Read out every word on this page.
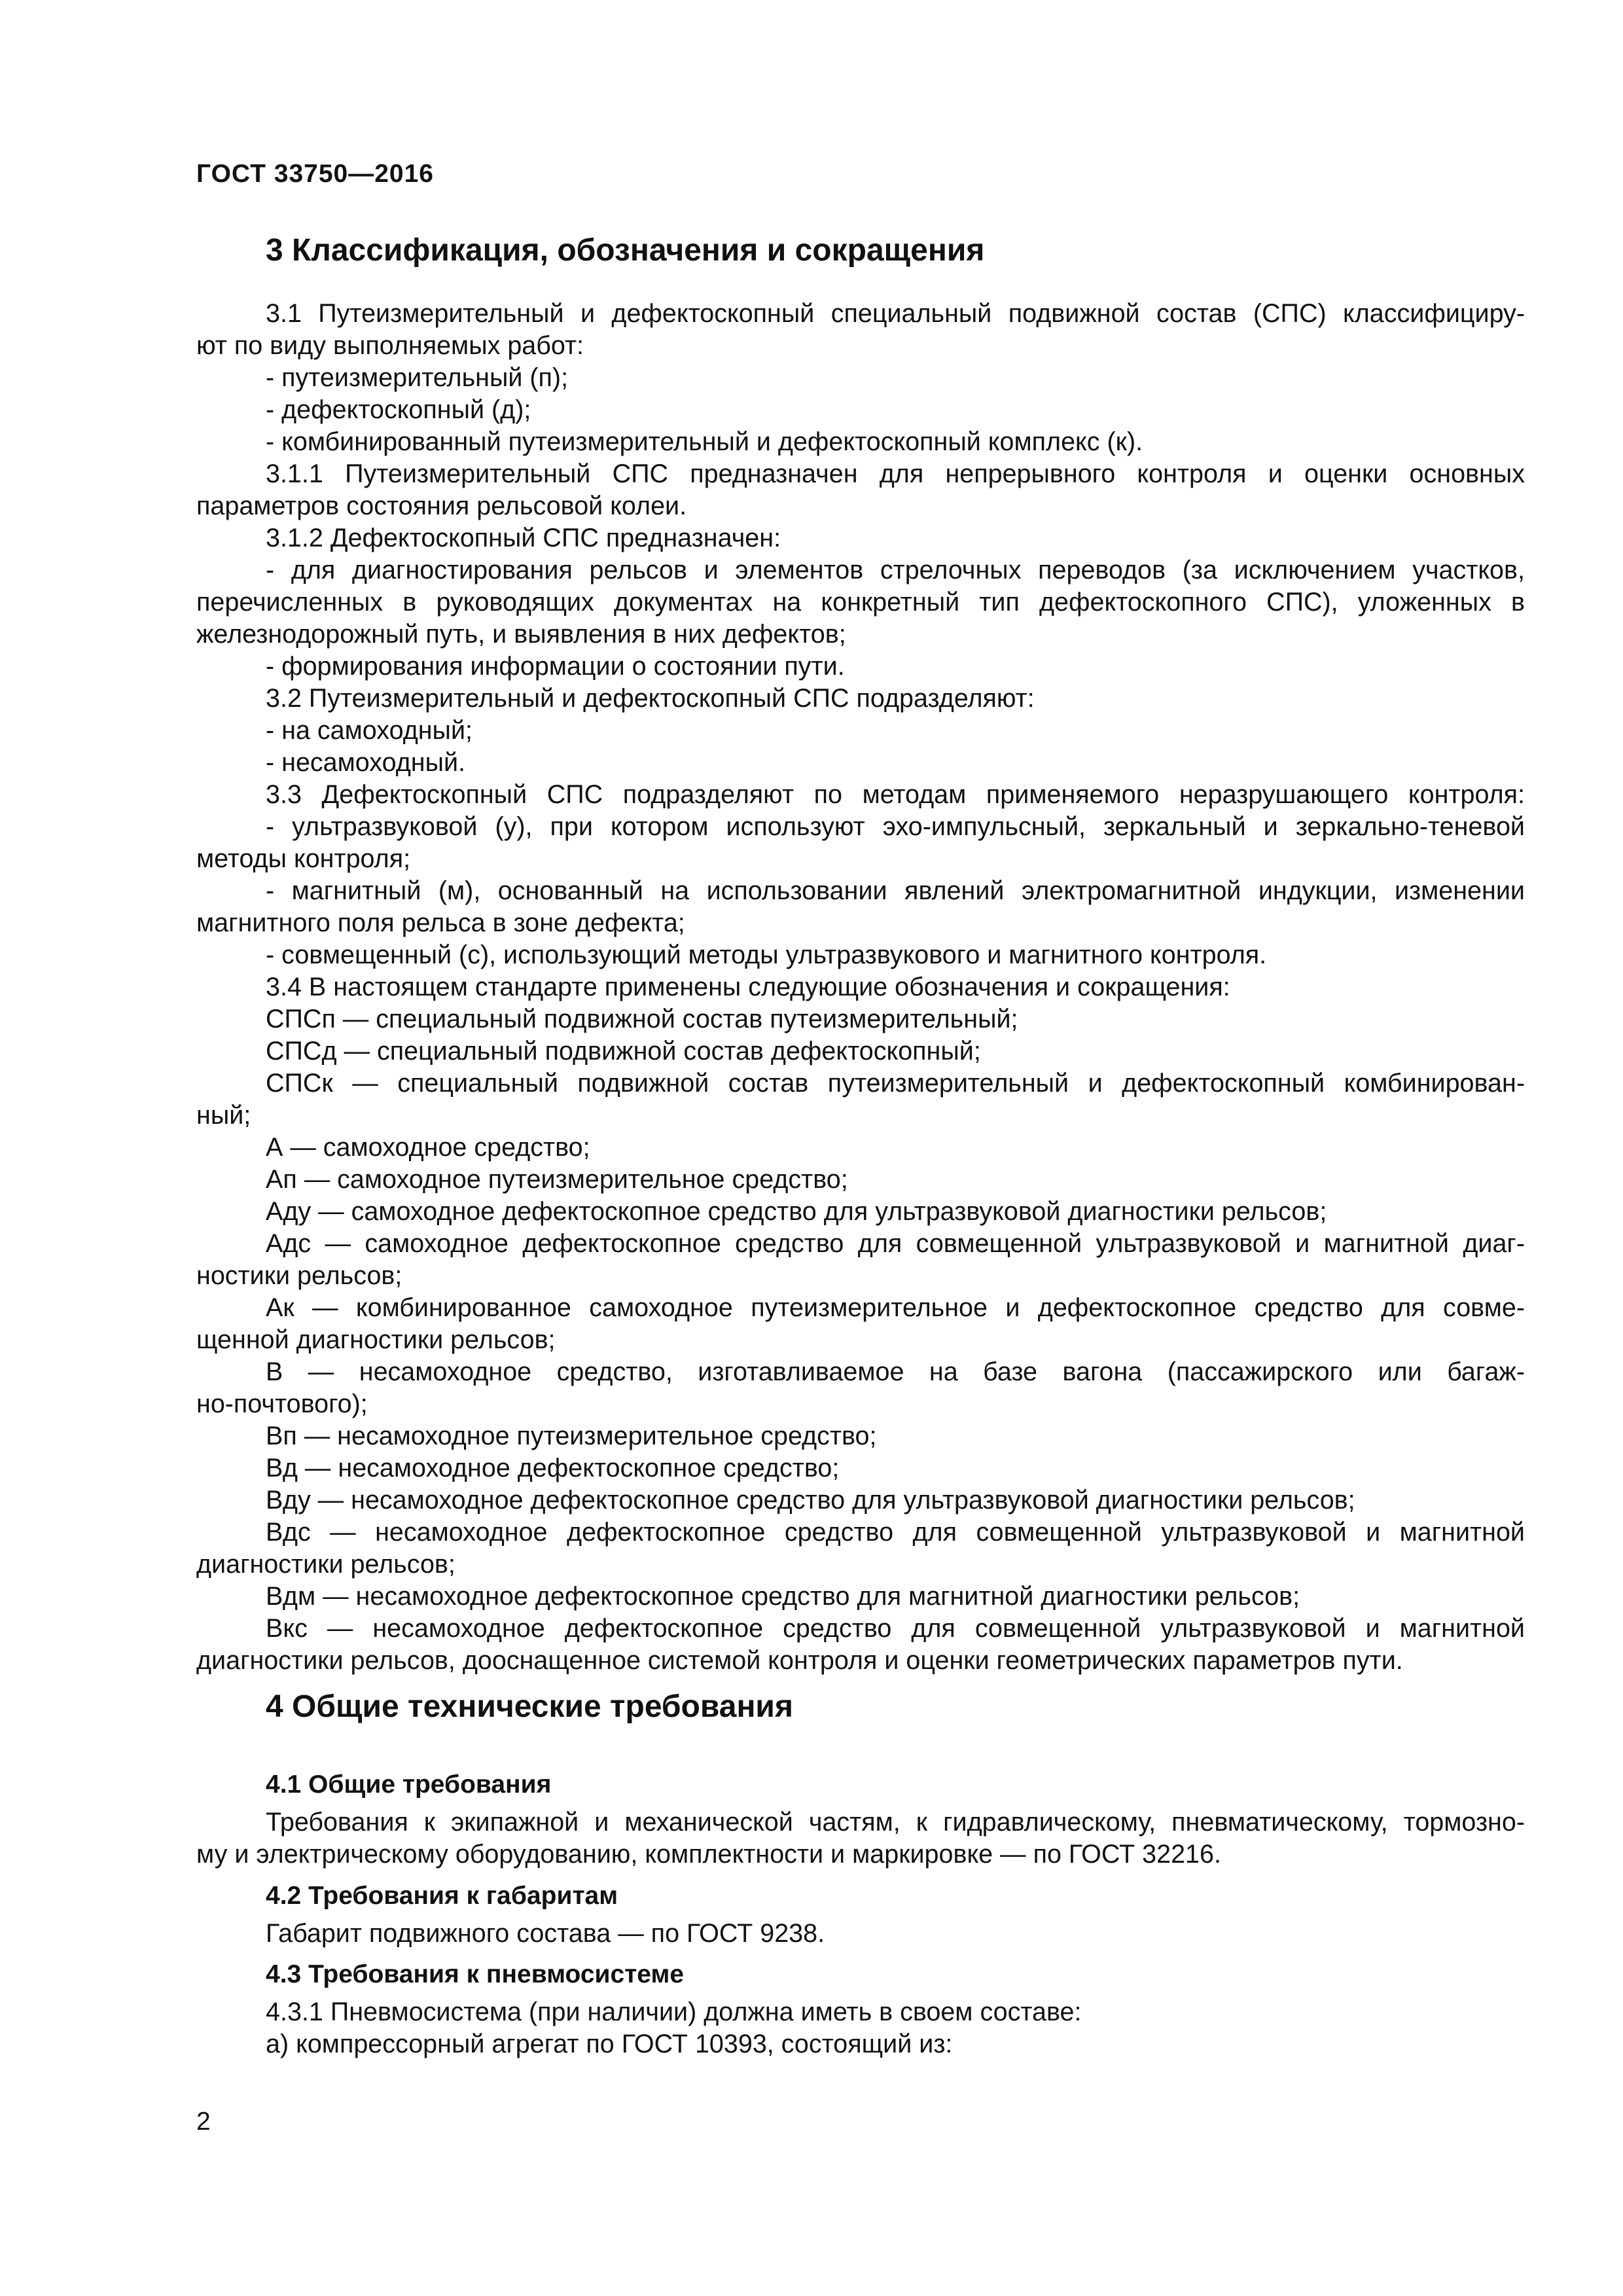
ГОСТ 33750—2016
3 Классификация, обозначения и сокращения
3.1 Путеизмерительный и дефектоскопный специальный подвижной состав (СПС) классифициру-
ют по виду выполняемых работ:
- путеизмерительный (п);
- дефектоскопный (д);
- комбинированный путеизмерительный и дефектоскопный комплекс (к).
3.1.1 Путеизмерительный СПС предназначен для непрерывного контроля и оценки основных
параметров состояния рельсовой колеи.
3.1.2 Дефектоскопный СПС предназначен:
- для диагностирования рельсов и элементов стрелочных переводов (за исключением участков,
перечисленных в руководящих документах на конкретный тип дефектоскопного СПС), уложенных в
железнодорожный путь, и выявления в них дефектов;
- формирования информации о состоянии пути.
3.2 Путеизмерительный и дефектоскопный СПС подразделяют:
- на самоходный;
- несамоходный.
3.3 Дефектоскопный СПС подразделяют по методам применяемого неразрушающего контроля:
- ультразвуковой (у), при котором используют эхо-импульсный, зеркальный и зеркально-теневой
методы контроля;
- магнитный (м), основанный на использовании явлений электромагнитной индукции, изменении
магнитного поля рельса в зоне дефекта;
- совмещенный (с), использующий методы ультразвукового и магнитного контроля.
3.4 В настоящем стандарте применены следующие обозначения и сокращения:
СПСп — специальный подвижной состав путеизмерительный;
СПСд — специальный подвижной состав дефектоскопный;
СПСк — специальный подвижной состав путеизмерительный и дефектоскопный комбинирован-
ный;
А — самоходное средство;
Ап — самоходное путеизмерительное средство;
Аду — самоходное дефектоскопное средство для ультразвуковой диагностики рельсов;
Адс — самоходное дефектоскопное средство для совмещенной ультразвуковой и магнитной диаг-
ностики рельсов;
Ак — комбинированное самоходное путеизмерительное и дефектоскопное средство для совме-
щенной диагностики рельсов;
В — несамоходное средство, изготавливаемое на базе вагона (пассажирского или багаж-
но-почтового);
Вп — несамоходное путеизмерительное средство;
Вд — несамоходное дефектоскопное средство;
Вду — несамоходное дефектоскопное средство для ультразвуковой диагностики рельсов;
Вдс — несамоходное дефектоскопное средство для совмещенной ультразвуковой и магнитной
диагностики рельсов;
Вдм — несамоходное дефектоскопное средство для магнитной диагностики рельсов;
Вкс — несамоходное дефектоскопное средство для совмещенной ультразвуковой и магнитной
диагностики рельсов, дооснащенное системой контроля и оценки геометрических параметров пути.
4 Общие технические требования
4.1 Общие требования
Требования к экипажной и механической частям, к гидравлическому, пневматическому, тормозно-
му и электрическому оборудованию, комплектности и маркировке — по ГОСТ 32216.
4.2 Требования к габаритам
Габарит подвижного состава — по ГОСТ 9238.
4.3 Требования к пневмосистеме
4.3.1 Пневмосистема (при наличии) должна иметь в своем составе:
а) компрессорный агрегат по ГОСТ 10393, состоящий из:
2
